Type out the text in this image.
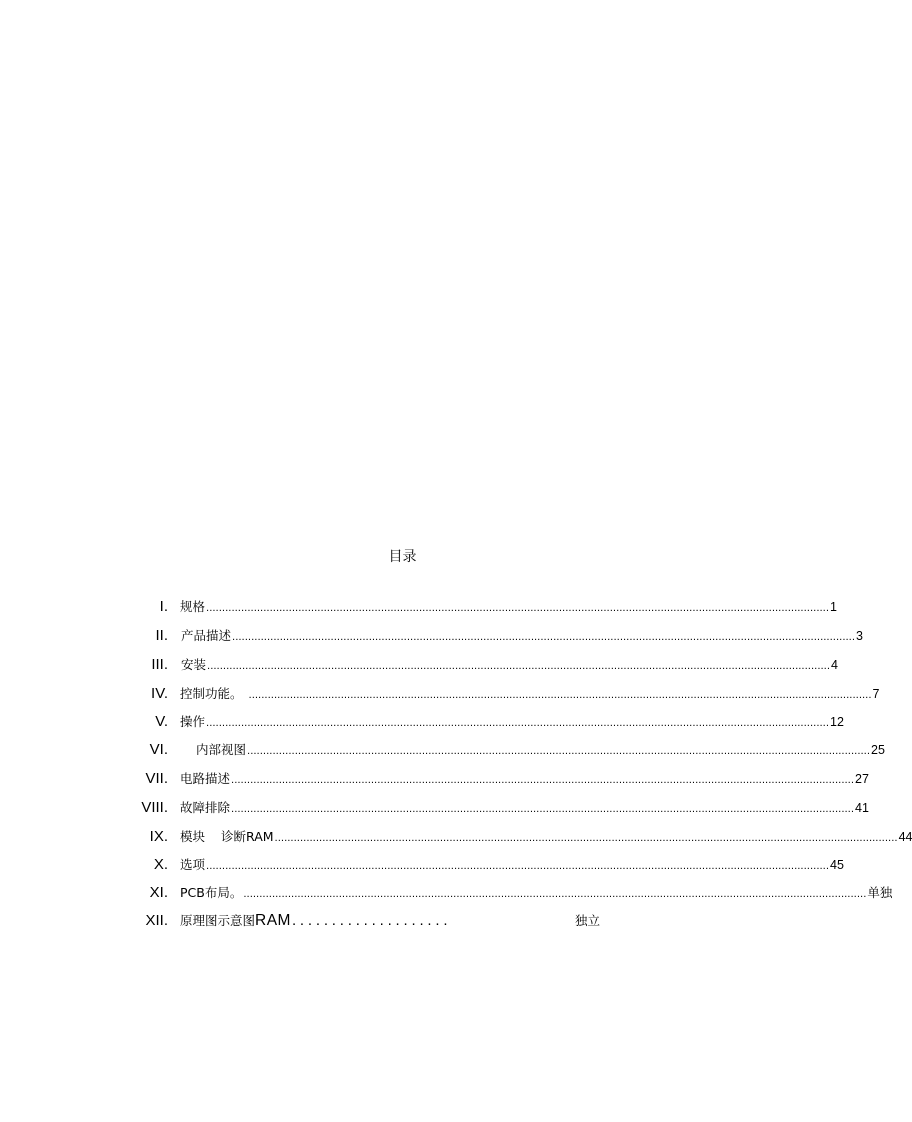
目录
I. 规格 .................................................................................................................................................................................................... 1
II. 产品描述 .................................................................................................................................................................................................... 3
III. 安装 .................................................................................................................................................................................................... 4
IV. 控制功能。 .................................................................................................................................................................................................... 7
V. 操作 .................................................................................................................................................................................................... 12
VI. 内部视图 .................................................................................................................................................................................................... 25
VII. 电路描述 .................................................................................................................................................................................................... 27
VIII. 故障排除 .................................................................................................................................................................................................... 41
IX. 模块 诊断RAM .................................................................................................................................................................................................... 44
X. 选项 .................................................................................................................................................................................................... 45
XI. PCB布局。 .................................................................................................................................................................................................... 单独
XII. 原理图示意图 RAM ....................	独立
